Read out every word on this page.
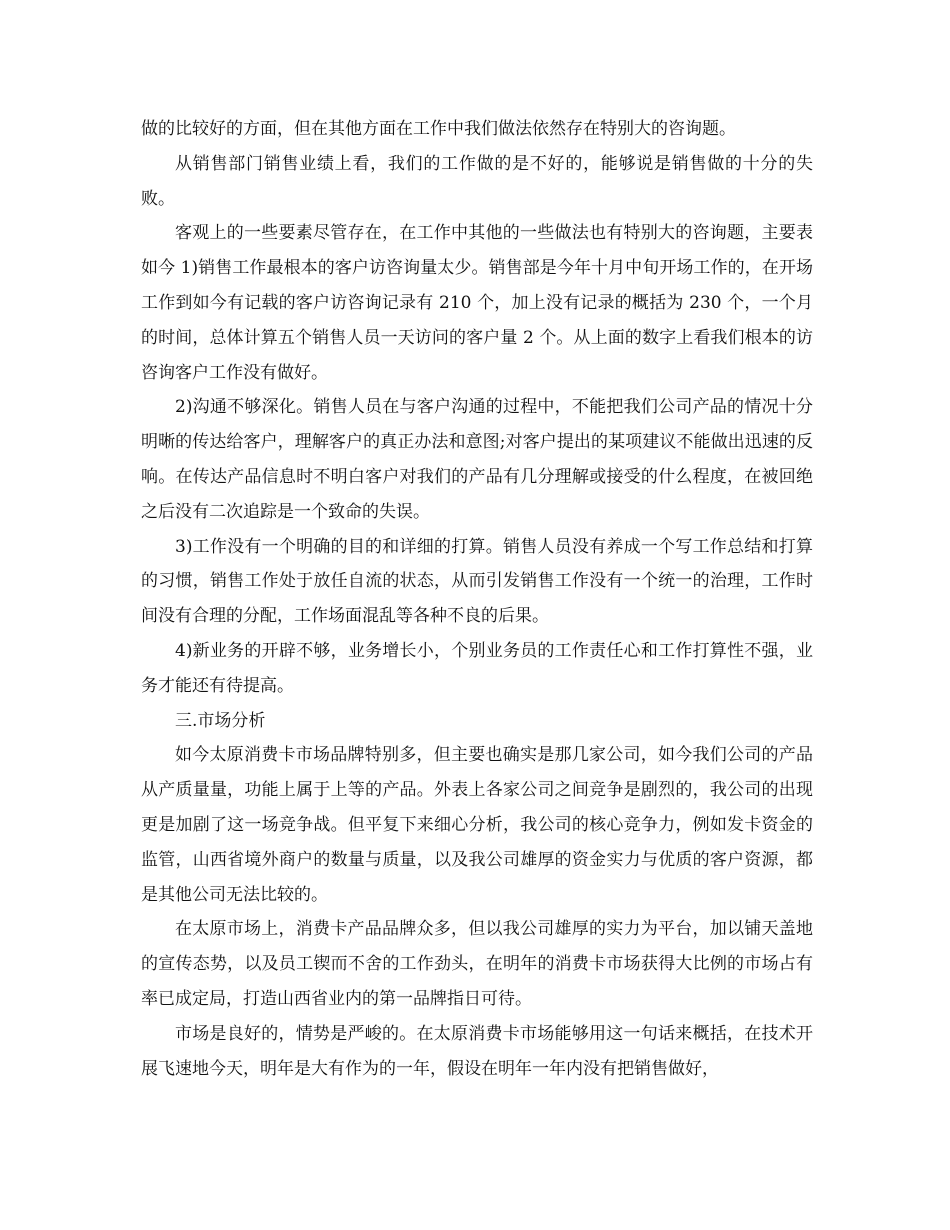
做的比较好的方面，但在其他方面在工作中我们做法依然存在特别大的咨询题。

从销售部门销售业绩上看，我们的工作做的是不好的，能够说是销售做的十分的失败。

客观上的一些要素尽管存在，在工作中其他的一些做法也有特别大的咨询题，主要表如今 1)销售工作最根本的客户访咨询量太少。销售部是今年十月中旬开场工作的，在开场工作到如今有记载的客户访咨询记录有 210 个，加上没有记录的概括为 230 个，一个月的时间，总体计算五个销售人员一天访问的客户量 2 个。从上面的数字上看我们根本的访咨询客户工作没有做好。

2)沟通不够深化。销售人员在与客户沟通的过程中，不能把我们公司产品的情况十分明晰的传达给客户，理解客户的真正办法和意图;对客户提出的某项建议不能做出迅速的反响。在传达产品信息时不明白客户对我们的产品有几分理解或接受的什么程度，在被回绝之后没有二次追踪是一个致命的失误。

3)工作没有一个明确的目的和详细的打算。销售人员没有养成一个写工作总结和打算的习惯，销售工作处于放任自流的状态，从而引发销售工作没有一个统一的治理，工作时间没有合理的分配，工作场面混乱等各种不良的后果。

4)新业务的开辟不够，业务增长小，个别业务员的工作责任心和工作打算性不强，业务才能还有待提高。

三.市场分析

如今太原消费卡市场品牌特别多，但主要也确实是那几家公司，如今我们公司的产品从产质量量，功能上属于上等的产品。外表上各家公司之间竞争是剧烈的，我公司的出现更是加剧了这一场竞争战。但平复下来细心分析，我公司的核心竞争力，例如发卡资金的监管，山西省境外商户的数量与质量，以及我公司雄厚的资金实力与优质的客户资源，都是其他公司无法比较的。

在太原市场上，消费卡产品品牌众多，但以我公司雄厚的实力为平台，加以铺天盖地的宣传态势，以及员工锲而不舍的工作劲头，在明年的消费卡市场获得大比例的市场占有率已成定局，打造山西省业内的第一品牌指日可待。

市场是良好的，情势是严峻的。在太原消费卡市场能够用这一句话来概括，在技术开展飞速地今天，明年是大有作为的一年，假设在明年一年内没有把销售做好，
